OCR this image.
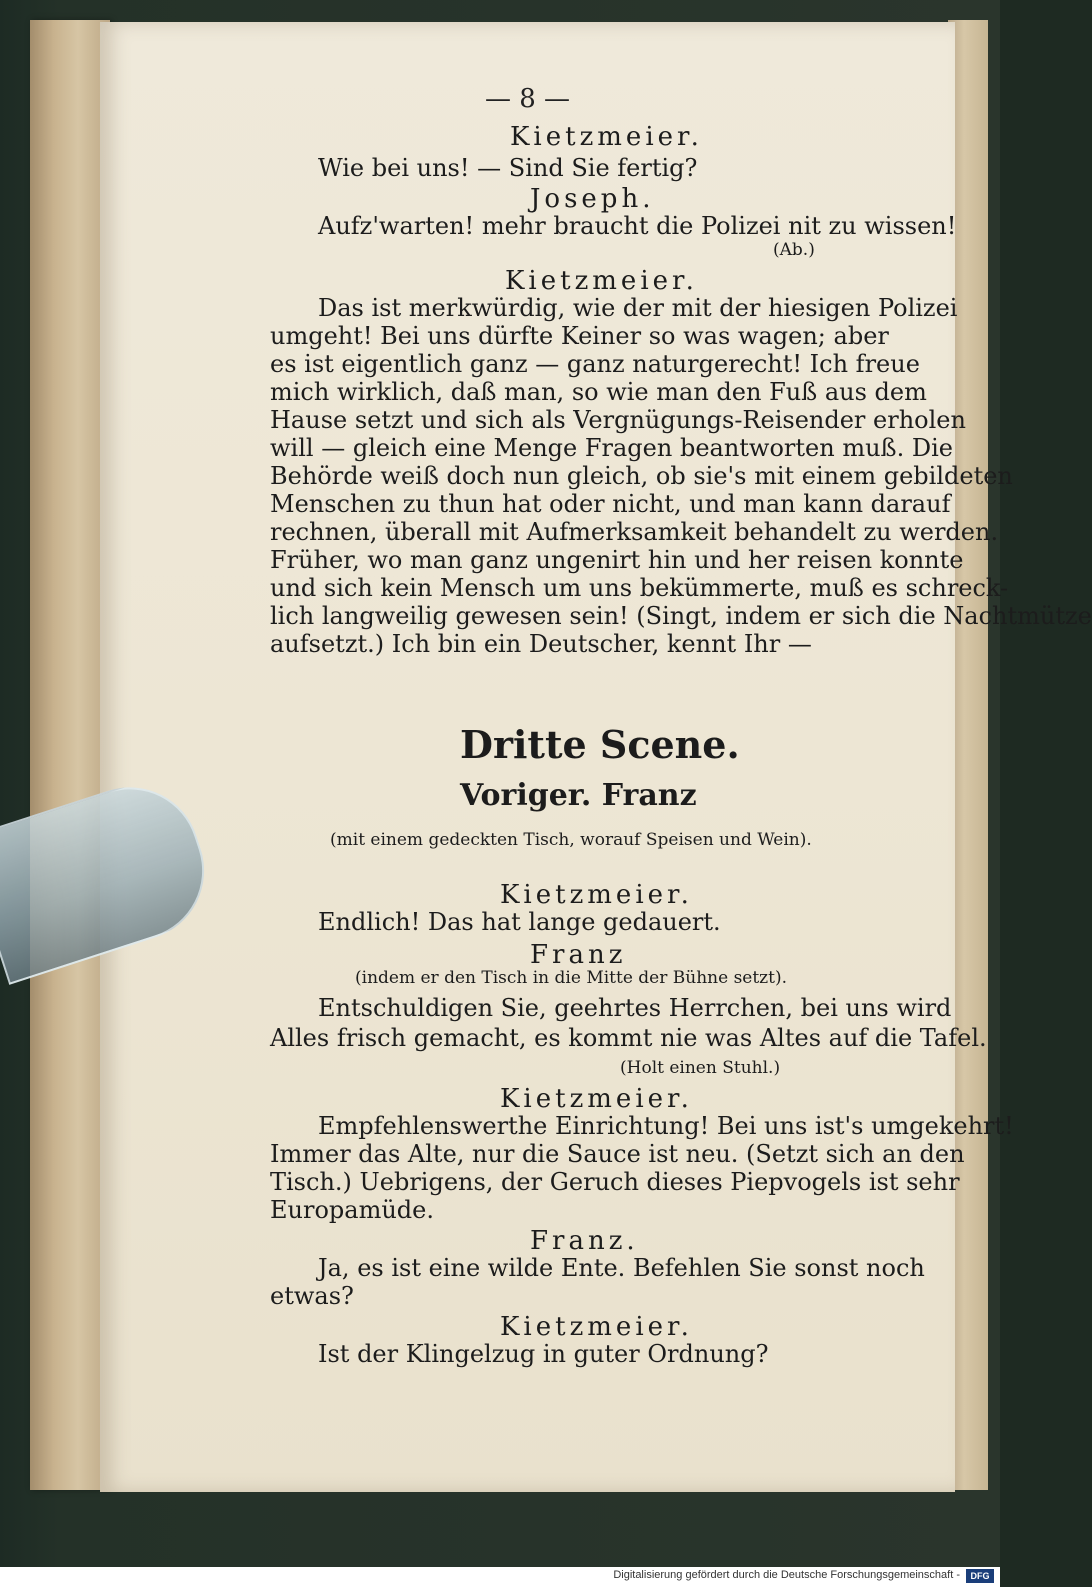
— 8 —
Kietzmeier.
Wie bei uns! — Sind Sie fertig?
Joseph.
Aufz'warten! mehr braucht die Polizei nit zu wissen!
(Ab.)
Kietzmeier.
Das ist merkwürdig, wie der mit der hiesigen Polizei
umgeht! Bei uns dürfte Keiner so was wagen; aber
es ist eigentlich ganz — ganz naturgerecht! Ich freue
mich wirklich, daß man, so wie man den Fuß aus dem
Hause setzt und sich als Vergnügungs-Reisender erholen
will — gleich eine Menge Fragen beantworten muß. Die
Behörde weiß doch nun gleich, ob sie's mit einem gebildeten
Menschen zu thun hat oder nicht, und man kann darauf
rechnen, überall mit Aufmerksamkeit behandelt zu werden.
Früher, wo man ganz ungenirt hin und her reisen konnte
und sich kein Mensch um uns bekümmerte, muß es schreck-
lich langweilig gewesen sein! (Singt, indem er sich die Nachtmütze
aufsetzt.) Ich bin ein Deutscher, kennt Ihr —
Dritte Scene.
Voriger. Franz
(mit einem gedeckten Tisch, worauf Speisen und Wein).
Kietzmeier.
Endlich! Das hat lange gedauert.
Franz
(indem er den Tisch in die Mitte der Bühne setzt).
Entschuldigen Sie, geehrtes Herrchen, bei uns wird
Alles frisch gemacht, es kommt nie was Altes auf die Tafel.
(Holt einen Stuhl.)
Kietzmeier.
Empfehlenswerthe Einrichtung! Bei uns ist's umgekehrt!
Immer das Alte, nur die Sauce ist neu. (Setzt sich an den
Tisch.) Uebrigens, der Geruch dieses Piepvogels ist sehr
Europamüde.
Franz.
Ja, es ist eine wilde Ente. Befehlen Sie sonst noch
etwas?
Kietzmeier.
Ist der Klingelzug in guter Ordnung?
Digitalisierung gefördert durch die Deutsche Forschungsgemeinschaft -	DFG
